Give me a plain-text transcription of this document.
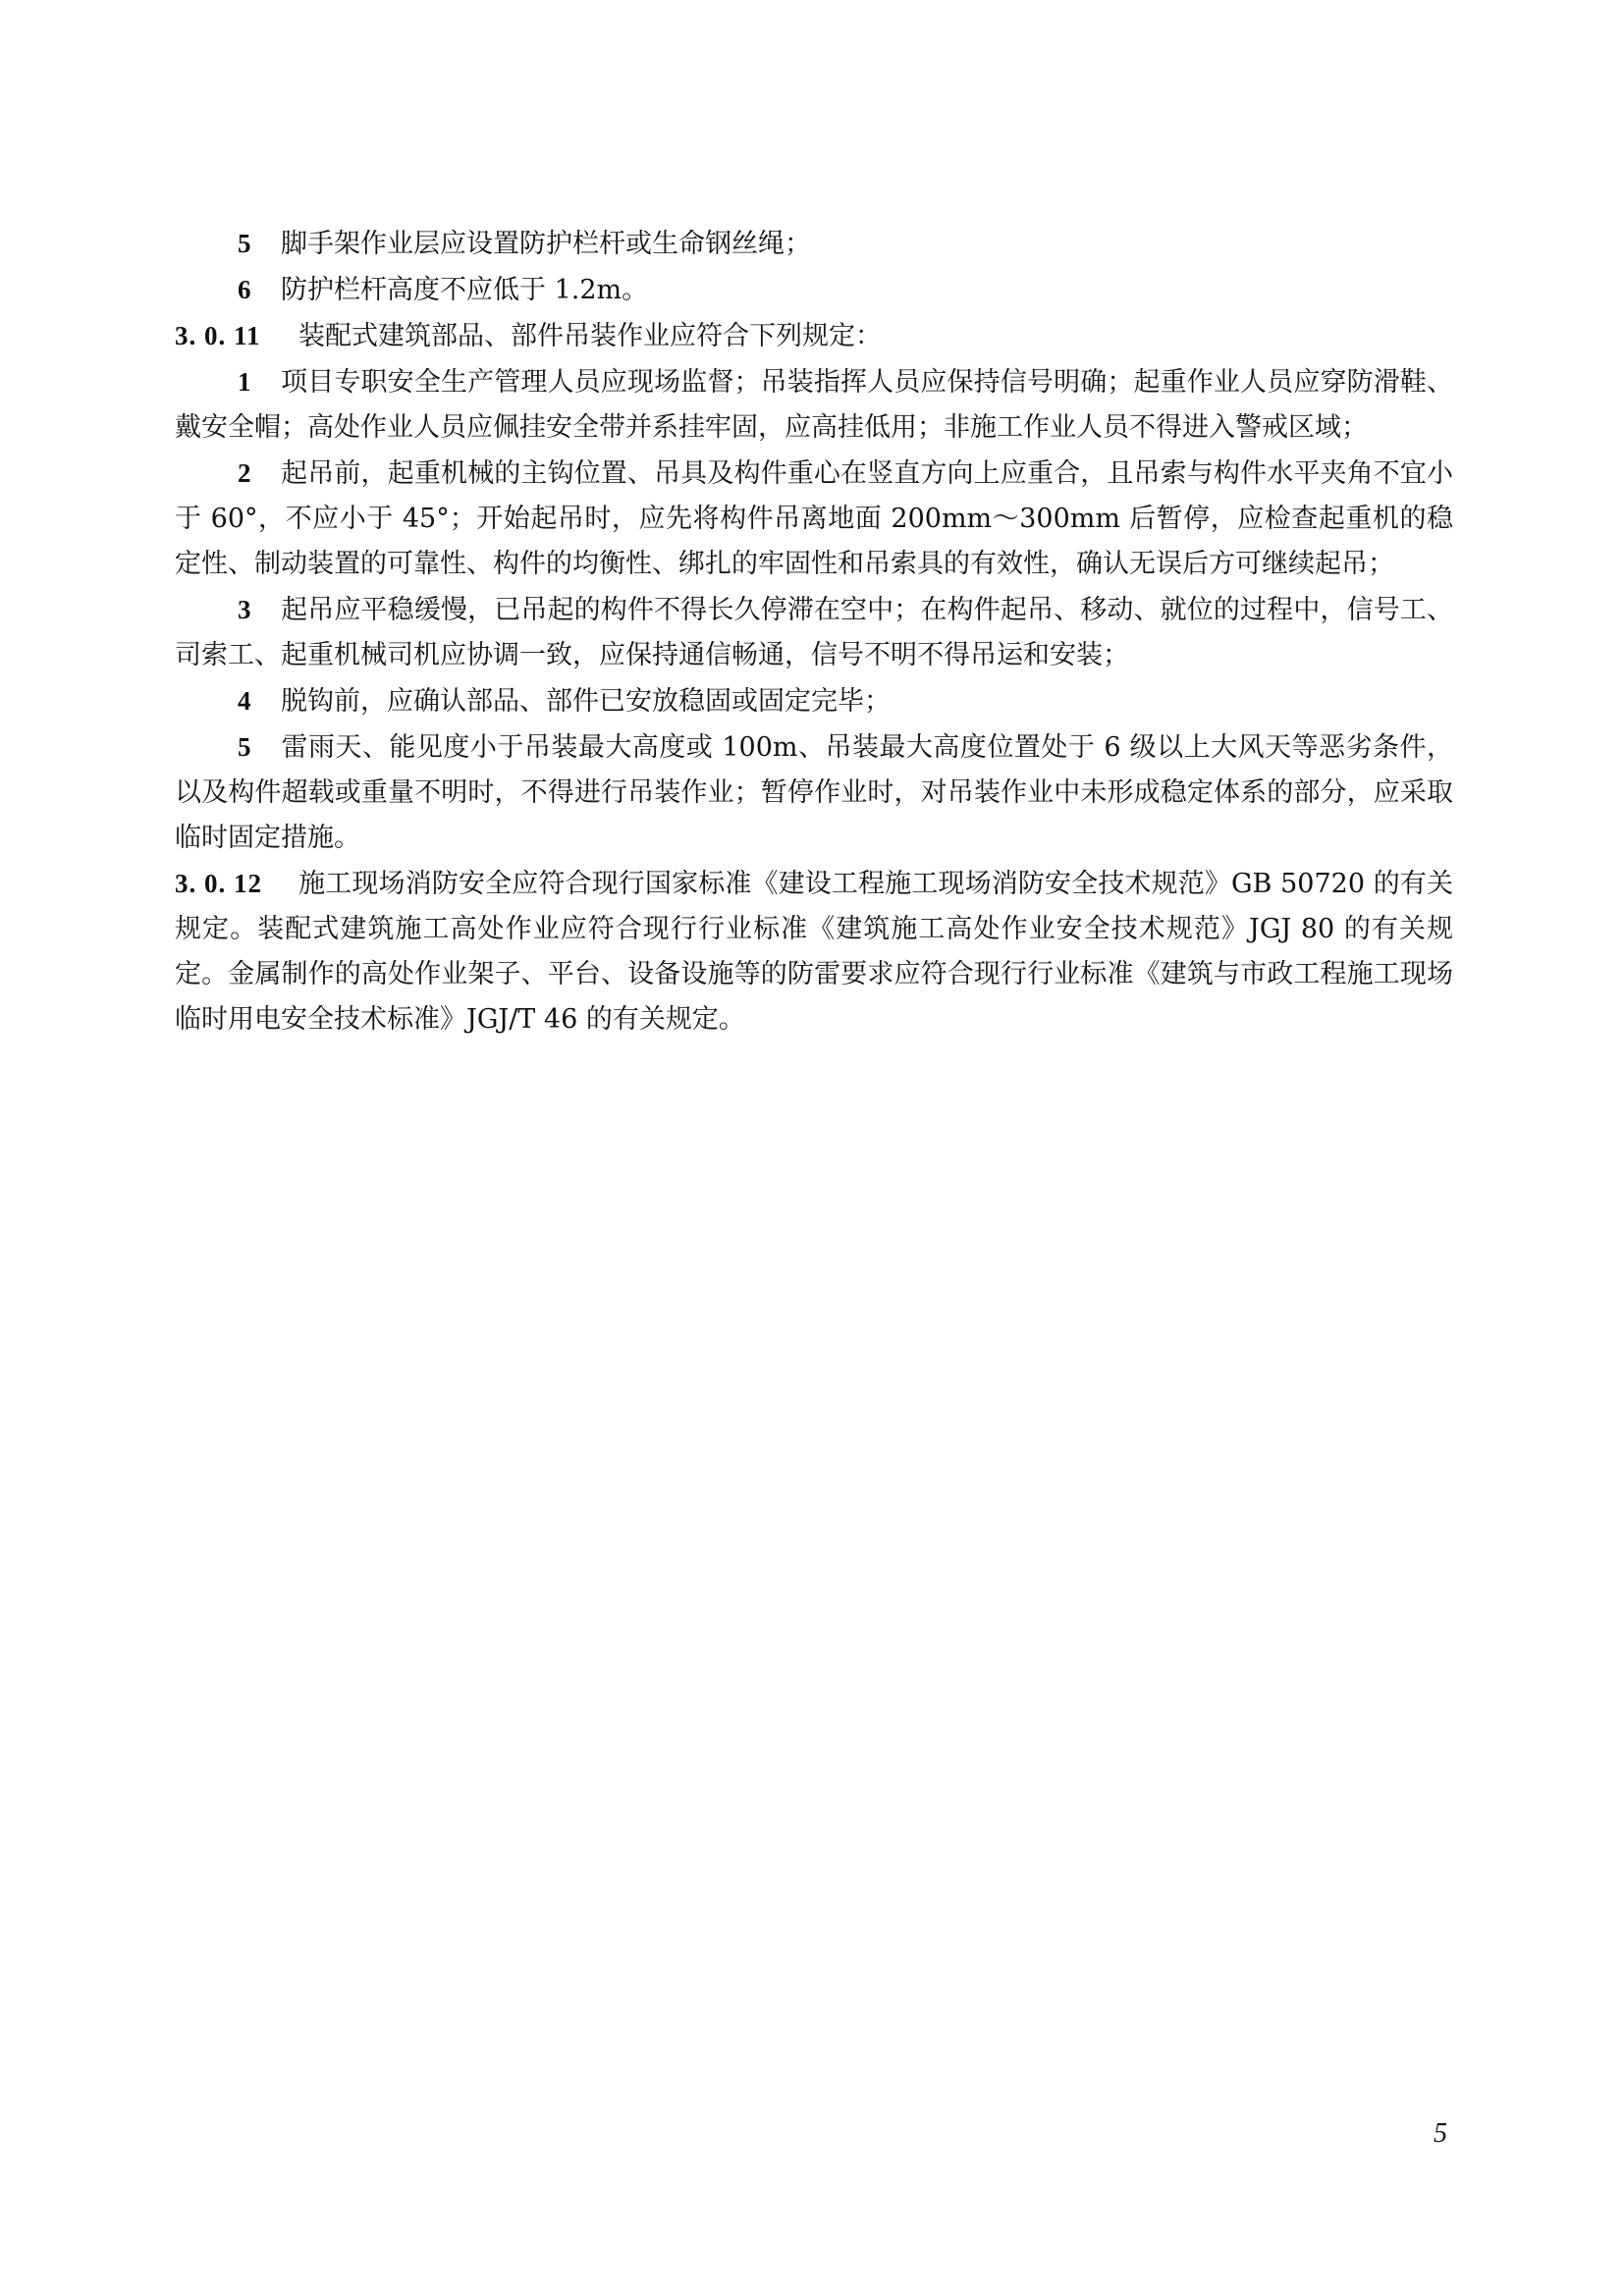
5 脚手架作业层应设置防护栏杆或生命钢丝绳；

6 防护栏杆高度不应低于 1.2m。

3. 0. 11 装配式建筑部品、部件吊装作业应符合下列规定：

1 项目专职安全生产管理人员应现场监督；吊装指挥人员应保持信号明确；起重作业人员应穿防滑鞋、戴安全帽；高处作业人员应佩挂安全带并系挂牢固，应高挂低用；非施工作业人员不得进入警戒区域；

2 起吊前，起重机械的主钩位置、吊具及构件重心在竖直方向上应重合，且吊索与构件水平夹角不宜小于 60°，不应小于 45°；开始起吊时，应先将构件吊离地面 200mm～300mm 后暂停，应检查起重机的稳定性、制动装置的可靠性、构件的均衡性、绑扎的牢固性和吊索具的有效性，确认无误后方可继续起吊；

3 起吊应平稳缓慢，已吊起的构件不得长久停滞在空中；在构件起吊、移动、就位的过程中，信号工、司索工、起重机械司机应协调一致，应保持通信畅通，信号不明不得吊运和安装；

4 脱钩前，应确认部品、部件已安放稳固或固定完毕；

5 雷雨天、能见度小于吊装最大高度或 100m、吊装最大高度位置处于 6 级以上大风天等恶劣条件，以及构件超载或重量不明时，不得进行吊装作业；暂停作业时，对吊装作业中未形成稳定体系的部分，应采取临时固定措施。

3. 0. 12 施工现场消防安全应符合现行国家标准《建设工程施工现场消防安全技术规范》GB 50720 的有关规定。装配式建筑施工高处作业应符合现行行业标准《建筑施工高处作业安全技术规范》JGJ 80 的有关规定。金属制作的高处作业架子、平台、设备设施等的防雷要求应符合现行行业标准《建筑与市政工程施工现场临时用电安全技术标准》JGJ/T 46 的有关规定。

5
